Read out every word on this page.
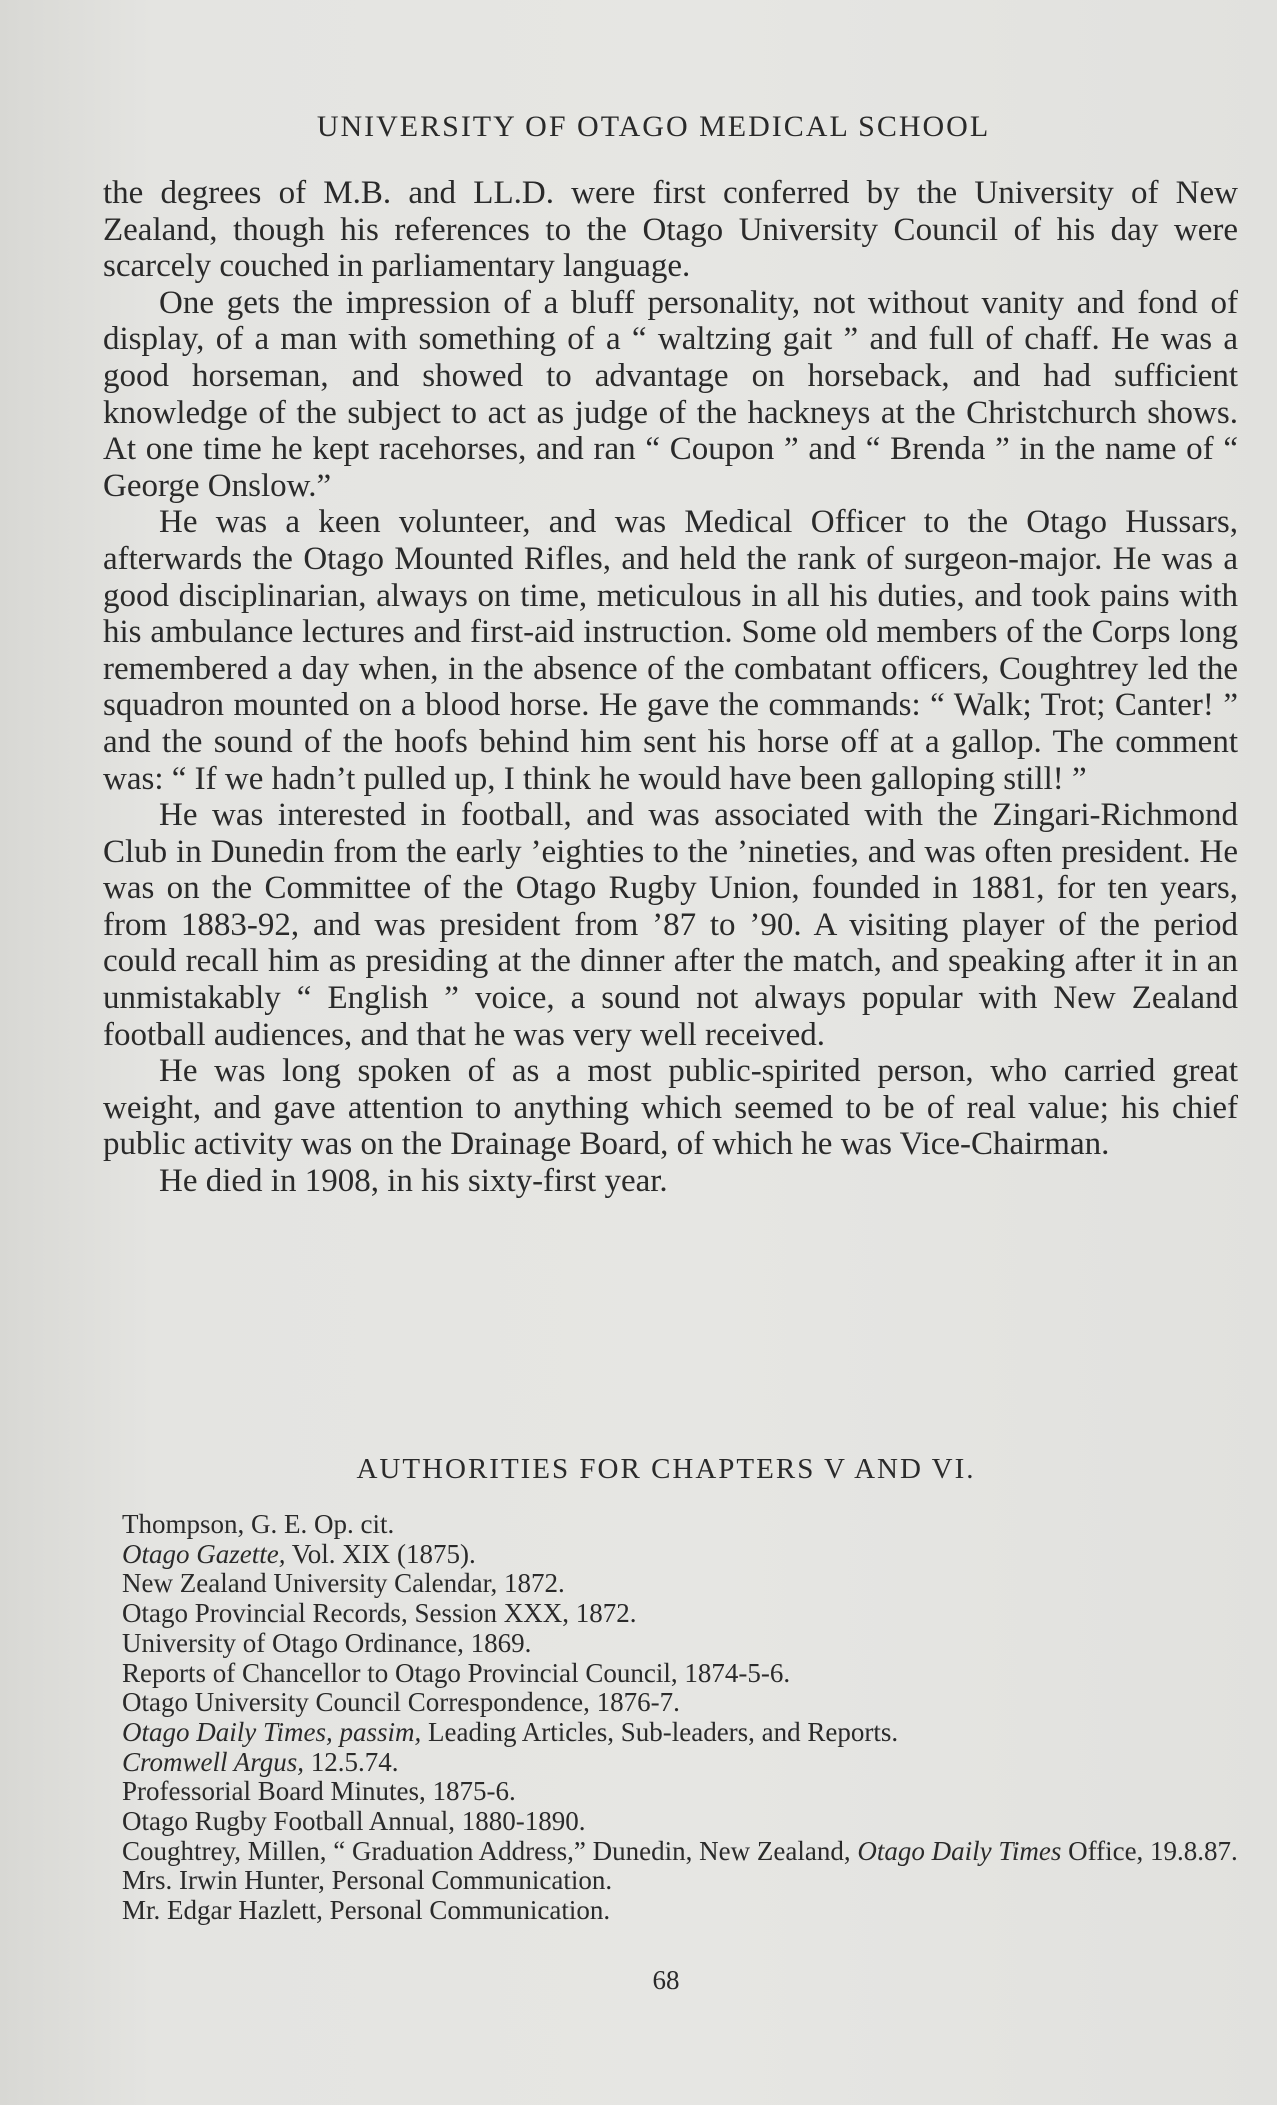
UNIVERSITY OF OTAGO MEDICAL SCHOOL

the degrees of M.B. and LL.D. were first conferred by the University of New Zealand, though his references to the Otago University Council of his day were scarcely couched in parliamentary language.

One gets the impression of a bluff personality, not without vanity and fond of display, of a man with something of a “ waltzing gait ” and full of chaff. He was a good horseman, and showed to advantage on horseback, and had sufficient knowledge of the subject to act as judge of the hackneys at the Christchurch shows. At one time he kept racehorses, and ran “ Coupon ” and “ Brenda ” in the name of “ George Onslow.”

He was a keen volunteer, and was Medical Officer to the Otago Hussars, afterwards the Otago Mounted Rifles, and held the rank of surgeon-major. He was a good disciplinarian, always on time, meticulous in all his duties, and took pains with his ambulance lectures and first-aid instruction. Some old members of the Corps long remembered a day when, in the absence of the combatant officers, Coughtrey led the squadron mounted on a blood horse. He gave the commands: “ Walk; Trot; Canter! ” and the sound of the hoofs behind him sent his horse off at a gallop. The comment was: “ If we hadn’t pulled up, I think he would have been galloping still! ”

He was interested in football, and was associated with the Zingari-Richmond Club in Dunedin from the early ’eighties to the ’nineties, and was often president. He was on the Committee of the Otago Rugby Union, founded in 1881, for ten years, from 1883-92, and was president from ’87 to ’90. A visiting player of the period could recall him as presiding at the dinner after the match, and speaking after it in an unmistakably “ English ” voice, a sound not always popular with New Zealand football audiences, and that he was very well received.

He was long spoken of as a most public-spirited person, who carried great weight, and gave attention to anything which seemed to be of real value; his chief public activity was on the Drainage Board, of which he was Vice-Chairman.

He died in 1908, in his sixty-first year.

AUTHORITIES FOR CHAPTERS V AND VI.
Thompson, G. E. Op. cit.
Otago Gazette, Vol. XIX (1875).
New Zealand University Calendar, 1872.
Otago Provincial Records, Session XXX, 1872.
University of Otago Ordinance, 1869.
Reports of Chancellor to Otago Provincial Council, 1874-5-6.
Otago University Council Correspondence, 1876-7.
Otago Daily Times, passim, Leading Articles, Sub-leaders, and Reports.
Cromwell Argus, 12.5.74.
Professorial Board Minutes, 1875-6.
Otago Rugby Football Annual, 1880-1890.
Coughtrey, Millen, “ Graduation Address,” Dunedin, New Zealand, Otago Daily Times Office, 19.8.87.
Mrs. Irwin Hunter, Personal Communication.
Mr. Edgar Hazlett, Personal Communication.
68
